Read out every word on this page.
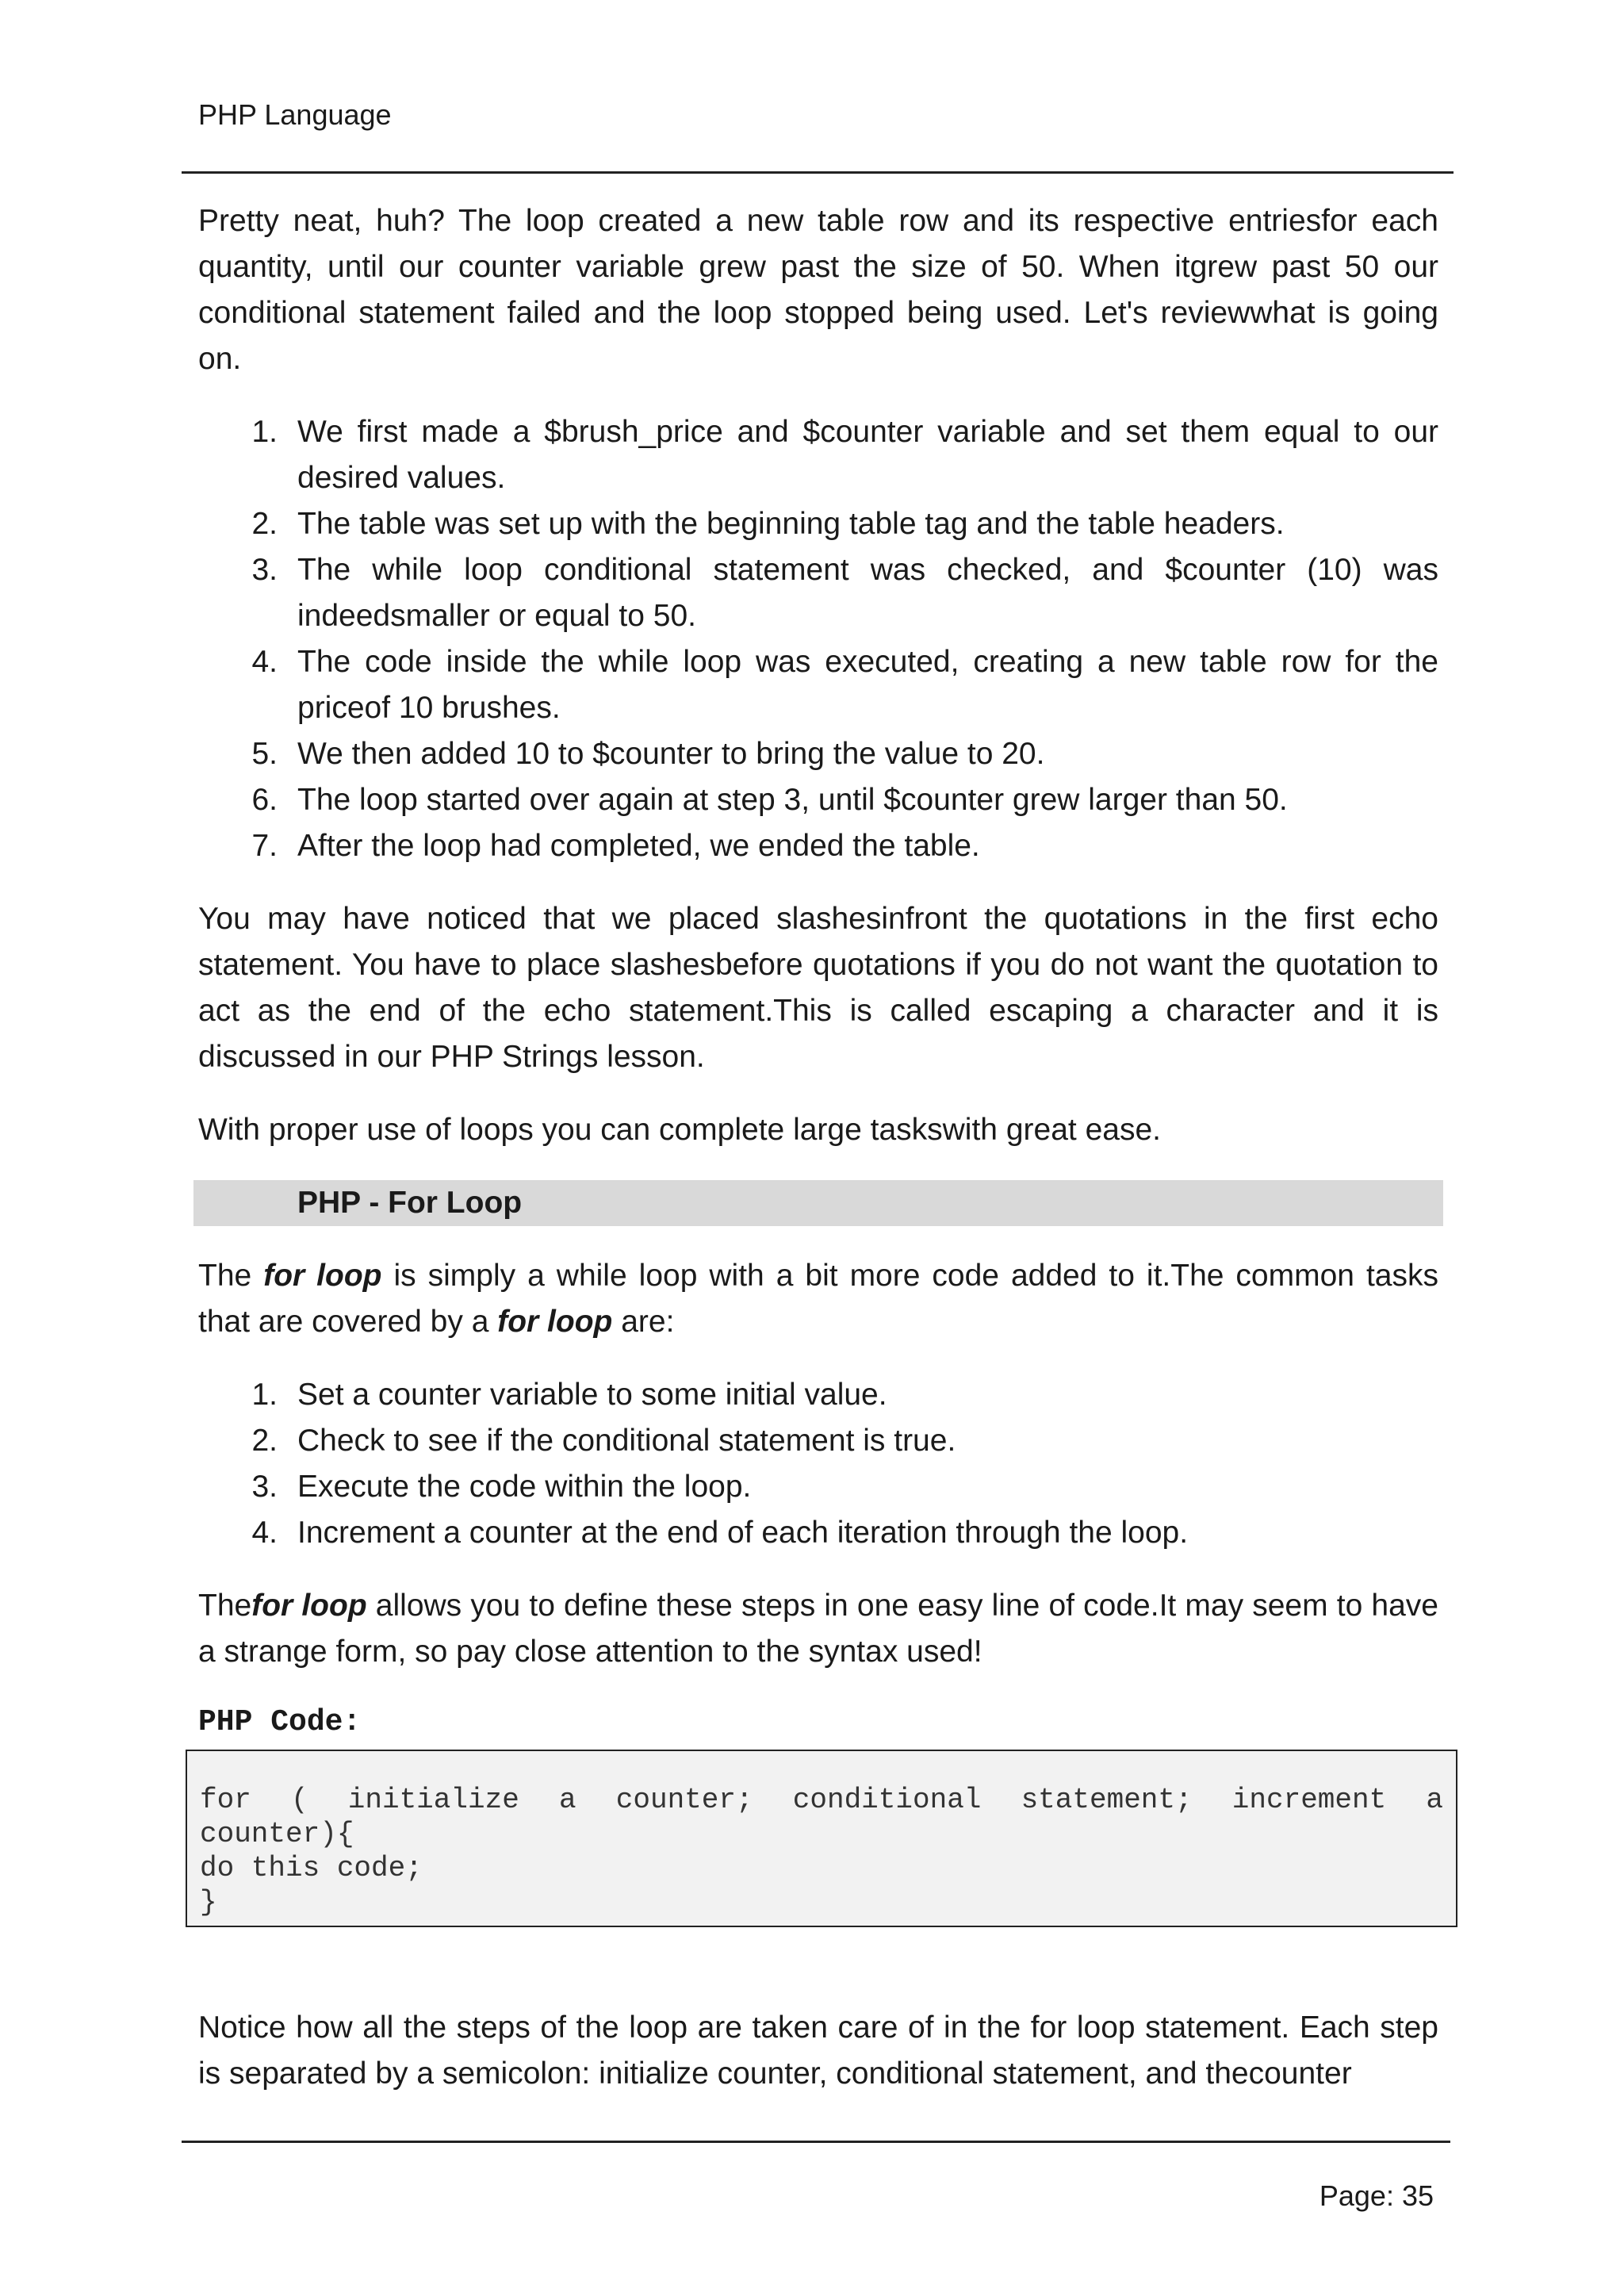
PHP Language

Pretty neat, huh? The loop created a new table row and its respective entriesfor each quantity, until our counter variable grew past the size of 50. When itgrew past 50 our conditional statement failed and the loop stopped being used. Let's reviewwhat is going on.

1. We first made a $brush_price and $counter variable and set them equal to our desired values.
2. The table was set up with the beginning table tag and the table headers.
3. The while loop conditional statement was checked, and $counter (10) was indeedsmaller or equal to 50.
4. The code inside the while loop was executed, creating a new table row for the priceof 10 brushes.
5. We then added 10 to $counter to bring the value to 20.
6. The loop started over again at step 3, until $counter grew larger than 50.
7. After the loop had completed, we ended the table.

You may have noticed that we placed slashesinfront the quotations in the first echo statement. You have to place slashesbefore quotations if you do not want the quotation to act as the end of the echo statement.This is called escaping a character and it is discussed in our PHP Strings lesson.

With proper use of loops you can complete large taskswith great ease.

PHP - For Loop

The for loop is simply a while loop with a bit more code added to it.The common tasks that are covered by a for loop are:

1. Set a counter variable to some initial value.
2. Check to see if the conditional statement is true.
3. Execute the code within the loop.
4. Increment a counter at the end of each iteration through the loop.

Thefor loop allows you to define these steps in one easy line of code.It may seem to have a strange form, so pay close attention to the syntax used!

PHP Code:
for ( initialize a counter; conditional statement; increment a
counter){
do this code;
}

Notice how all the steps of the loop are taken care of in the for loop statement. Each step is separated by a semicolon: initialize counter, conditional statement, and thecounter

Page: 35
